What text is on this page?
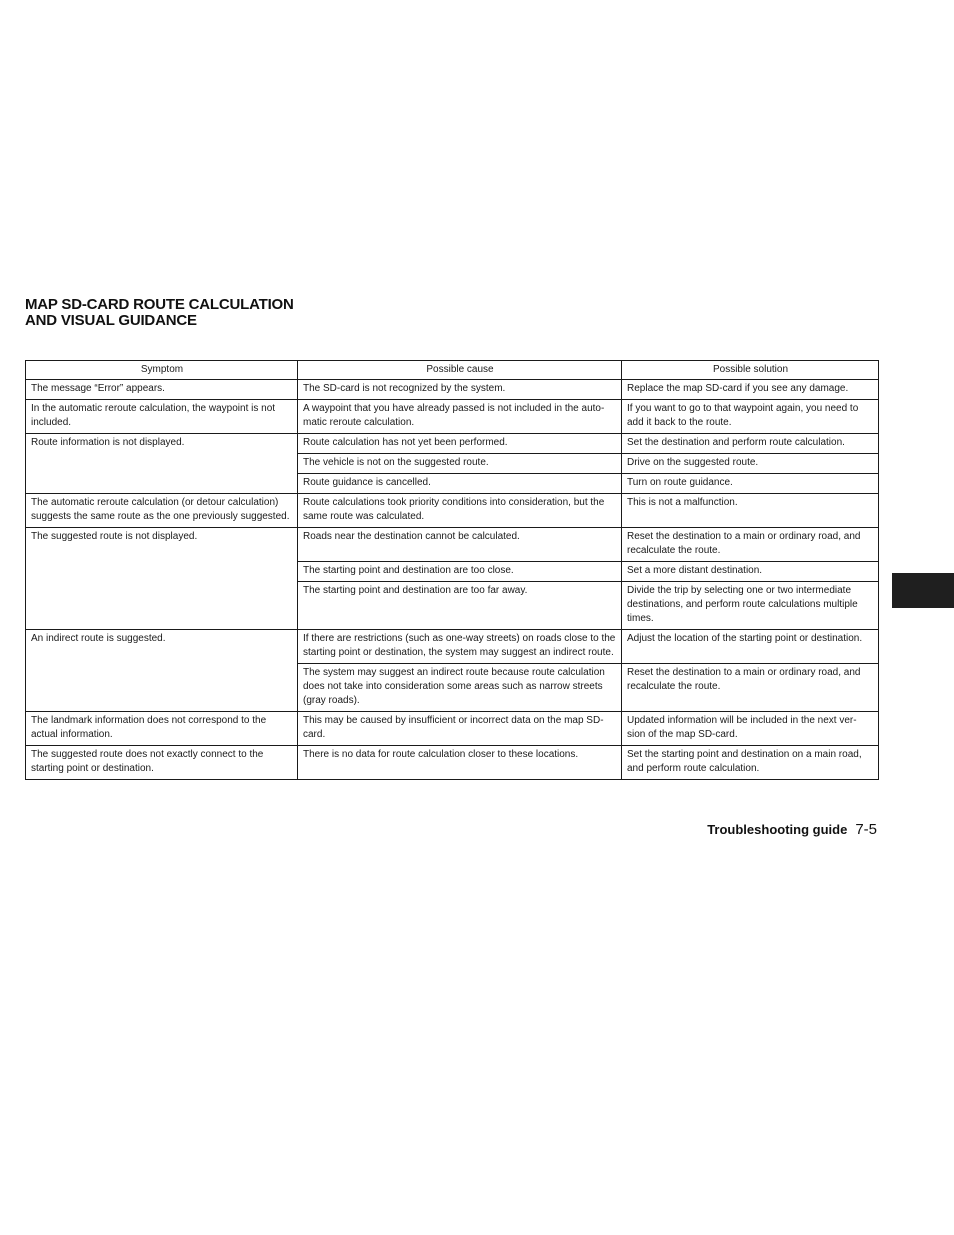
MAP SD-CARD ROUTE CALCULATION
AND VISUAL GUIDANCE
Symptom	Possible cause	Possible solution
The message “Error” appears.	The SD-card is not recognized by the system.	Replace the map SD-card if you see any damage.
In the automatic reroute calculation, the waypoint is not included.	A waypoint that you have already passed is not included in the auto-matic reroute calculation.	If you want to go to that waypoint again, you need to add it back to the route.
Route information is not displayed.	Route calculation has not yet been performed.	Set the destination and perform route calculation.
	The vehicle is not on the suggested route.	Drive on the suggested route.
	Route guidance is cancelled.	Turn on route guidance.
The automatic reroute calculation (or detour calculation) suggests the same route as the one previously suggested.	Route calculations took priority conditions into consideration, but the same route was calculated.	This is not a malfunction.
The suggested route is not displayed.	Roads near the destination cannot be calculated.	Reset the destination to a main or ordinary road, and recalculate the route.
	The starting point and destination are too close.	Set a more distant destination.
	The starting point and destination are too far away.	Divide the trip by selecting one or two intermediate destinations, and perform route calculations multiple times.
An indirect route is suggested.	If there are restrictions (such as one-way streets) on roads close to the starting point or destination, the system may suggest an indirect route.	Adjust the location of the starting point or destination.
	The system may suggest an indirect route because route calculation does not take into consideration some areas such as narrow streets (gray roads).	Reset the destination to a main or ordinary road, and recalculate the route.
The landmark information does not correspond to the actual information.	This may be caused by insufficient or incorrect data on the map SD-card.	Updated information will be included in the next ver-sion of the map SD-card.
The suggested route does not exactly connect to the starting point or destination.	There is no data for route calculation closer to these locations.	Set the starting point and destination on a main road, and perform route calculation.
Troubleshooting guide 7-5
